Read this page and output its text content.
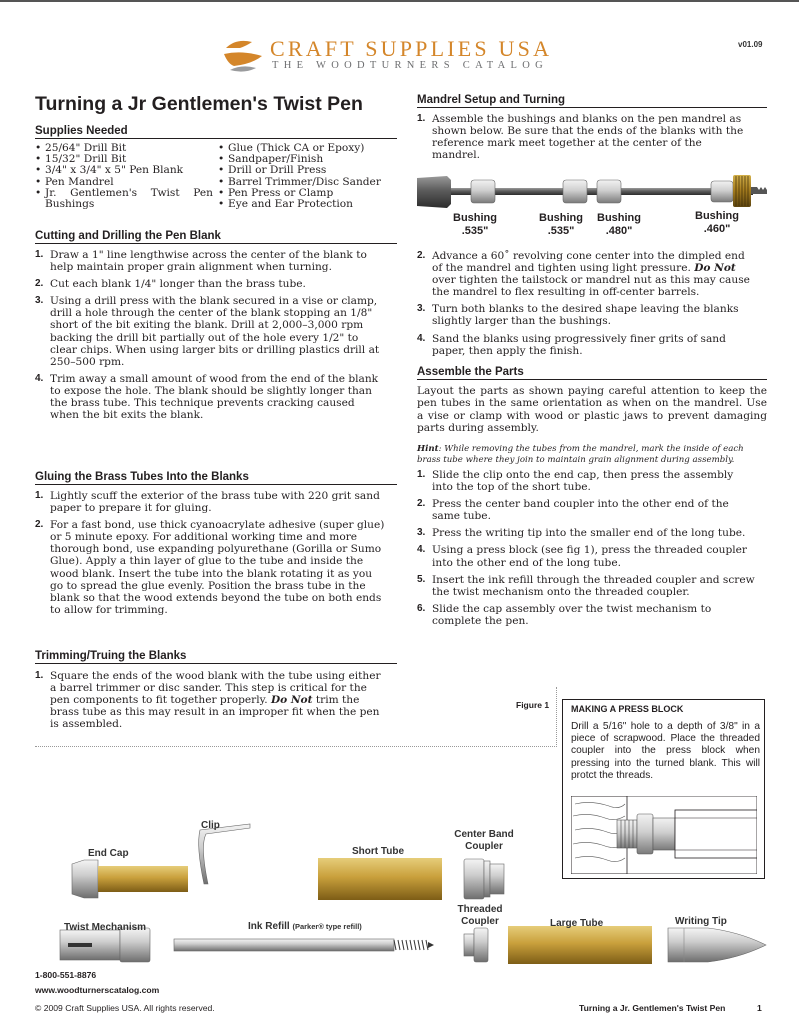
CRAFT SUPPLIES USA
THE WOODTURNERS CATALOG
v01.09
Turning a Jr Gentlemen's Twist Pen
Supplies Needed
• 25/64" Drill Bit
• 15/32" Drill Bit
• 3/4" x 3/4" x 5" Pen Blank
• Pen Mandrel
• Jr. Gentlemen's Twist Pen Bushings
• Glue (Thick CA or Epoxy)
• Sandpaper/Finish
• Drill or Drill Press
• Barrel Trimmer/Disc Sander
• Pen Press or Clamp
• Eye and Ear Protection
Cutting and Drilling the Pen Blank
1. Draw a 1" line lengthwise across the center of the blank to help maintain proper grain alignment when turning.
2. Cut each blank 1/4" longer than the brass tube.
3. Using a drill press with the blank secured in a vise or clamp, drill a hole through the center of the blank stopping an 1/8" short of the bit exiting the blank. Drill at 2,000–3,000 rpm backing the drill bit partially out of the hole every 1/2" to clear chips. When using larger bits or drilling plastics drill at 250–500 rpm.
4. Trim away a small amount of wood from the end of the blank to expose the hole. The blank should be slightly longer than the brass tube. This technique prevents cracking caused when the bit exits the blank.
Gluing the Brass Tubes Into the Blanks
1. Lightly scuff the exterior of the brass tube with 220 grit sand paper to prepare it for gluing.
2. For a fast bond, use thick cyanoacrylate adhesive (super glue) or 5 minute epoxy. For additional working time and more thorough bond, use expanding polyurethane (Gorilla or Sumo Glue). Apply a thin layer of glue to the tube and inside the wood blank. Insert the tube into the blank rotating it as you go to spread the glue evenly. Position the brass tube in the blank so that the wood extends beyond the tube on both ends to allow for trimming.
Trimming/Truing the Blanks
1. Square the ends of the wood blank with the tube using either a barrel trimmer or disc sander. This step is critical for the pen components to fit together properly. Do Not trim the brass tube as this may result in an improper fit when the pen is assembled.
Mandrel Setup and Turning
1. Assemble the bushings and blanks on the pen mandrel as shown below. Be sure that the ends of the blanks with the reference mark meet together at the center of the mandrel.
Bushing
.535"
Bushing
.535"
Bushing
.480"
Bushing
.460"
2. Advance a 60˚ revolving cone center into the dimpled end of the mandrel and tighten using light pressure. Do Not over tighten the tailstock or mandrel nut as this may cause the mandrel to flex resulting in off-center barrels.
3. Turn both blanks to the desired shape leaving the blanks slightly larger than the bushings.
4. Sand the blanks using progressively finer grits of sand paper, then apply the finish.
Assemble the Parts
Layout the parts as shown paying careful attention to keep the pen tubes in the same orientation as when on the mandrel. Use a vise or clamp with wood or plastic jaws to prevent damaging parts during assembly.
Hint: While removing the tubes from the mandrel, mark the inside of each brass tube where they join to maintain grain alignment during assembly.
1. Slide the clip onto the end cap, then press the assembly into the top of the short tube.
2. Press the center band coupler into the other end of the same tube.
3. Press the writing tip into the smaller end of the long tube.
4. Using a press block (see fig 1), press the threaded coupler into the other end of the long tube.
5. Insert the ink refill through the threaded coupler and screw the twist mechanism onto the threaded coupler.
6. Slide the cap assembly over the twist mechanism to complete the pen.
Figure 1 MAKING A PRESS BLOCK
Drill a 5/16" hole to a depth of 3/8" in a piece of scrapwood. Place the threaded coupler into the press block when pressing into the turned blank. This will protct the threads.
Clip
End Cap	Short Tube
Center Band Coupler
Threaded Coupler
Twist Mechanism	Ink Refill (Parker® type refill)	Large Tube	Writing Tip
1-800-551-8876
www.woodturnerscatalog.com
© 2009 Craft Supplies USA. All rights reserved.	Turning a Jr. Gentlemen's Twist Pen	1
